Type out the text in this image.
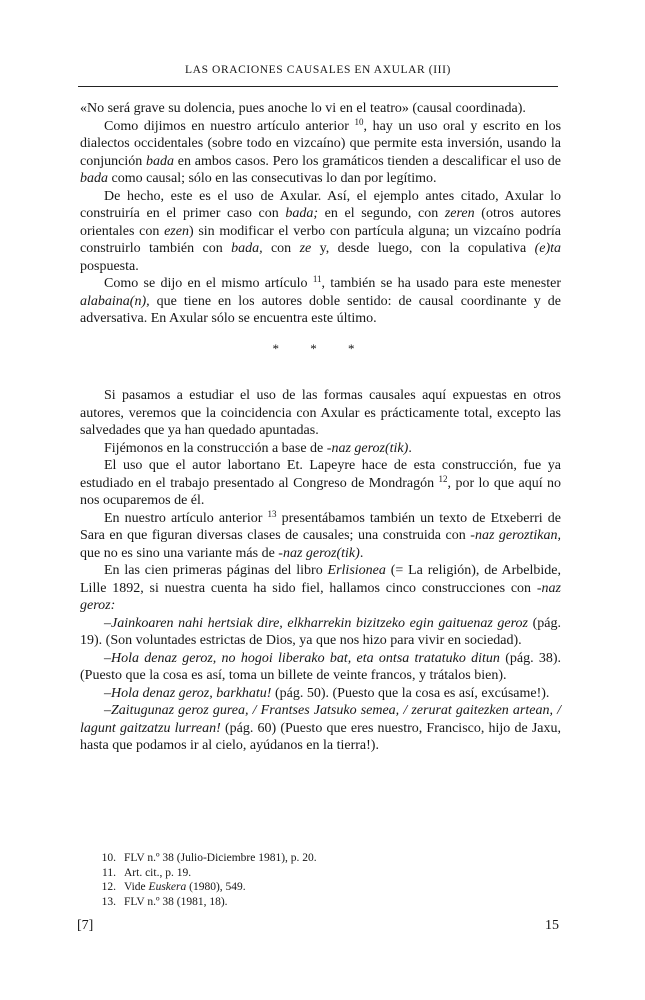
LAS ORACIONES CAUSALES EN AXULAR (III)

«No será grave su dolencia, pues anoche lo vi en el teatro» (causal coordinada).

Como dijimos en nuestro artículo anterior $^{10}$, hay un uso oral y escrito en los dialectos occidentales (sobre todo en vizcaíno) que permite esta inversión, usando la conjunción bada en ambos casos. Pero los gramáticos tienden a descalificar el uso de bada como causal; sólo en las consecutivas lo dan por legítimo.

De hecho, este es el uso de Axular. Así, el ejemplo antes citado, Axular lo construiría en el primer caso con bada; en el segundo, con zeren (otros autores orientales con ezen) sin modificar el verbo con partícula alguna; un vizcaíno podría construirlo también con bada, con ze y, desde luego, con la copulativa (e)ta pospuesta.

Como se dijo en el mismo artículo $^{11}$, también se ha usado para este menester alabaina(n), que tiene en los autores doble sentido: de causal coordinante y de adversativa. En Axular sólo se encuentra este último.

* * *

Si pasamos a estudiar el uso de las formas causales aquí expuestas en otros autores, veremos que la coincidencia con Axular es prácticamente total, excepto las salvedades que ya han quedado apuntadas.

Fijémonos en la construcción a base de -naz geroz(tik).

El uso que el autor labortano Et. Lapeyre hace de esta construcción, fue ya estudiado en el trabajo presentado al Congreso de Mondragón $^{12}$, por lo que aquí no nos ocuparemos de él.

En nuestro artículo anterior $^{13}$ presentábamos también un texto de Etxeberri de Sara en que figuran diversas clases de causales; una construida con -naz geroztikan, que no es sino una variante más de -naz geroz(tik).

En las cien primeras páginas del libro Erlisionea (= La religión), de Arbelbide, Lille 1892, si nuestra cuenta ha sido fiel, hallamos cinco construcciones con -naz geroz:

–Jainkoaren nahi hertsiak dire, elkharrekin bizitzeko egin gaituenaz geroz (pág. 19). (Son voluntades estrictas de Dios, ya que nos hizo para vivir en sociedad).

–Hola denaz geroz, no hogoi liberako bat, eta ontsa tratatuko ditun (pág. 38). (Puesto que la cosa es así, toma un billete de veinte francos, y trátalos bien).

–Hola denaz geroz, barkhatu! (pág. 50). (Puesto que la cosa es así, excúsame!).

–Zaitugunaz geroz gurea, / Frantses Jatsuko semea, / zerurat gaitezken artean, / lagunt gaitzatzu lurrean! (pág. 60) (Puesto que eres nuestro, Francisco, hijo de Jaxu, hasta que podamos ir al cielo, ayúdanos en la tierra!).

10. FLV n.º 38 (Julio-Diciembre 1981), p. 20.
11. Art. cit., p. 19.
12. Vide Euskera (1980), 549.
13. FLV n.º 38 (1981, 18).
[7]	15
